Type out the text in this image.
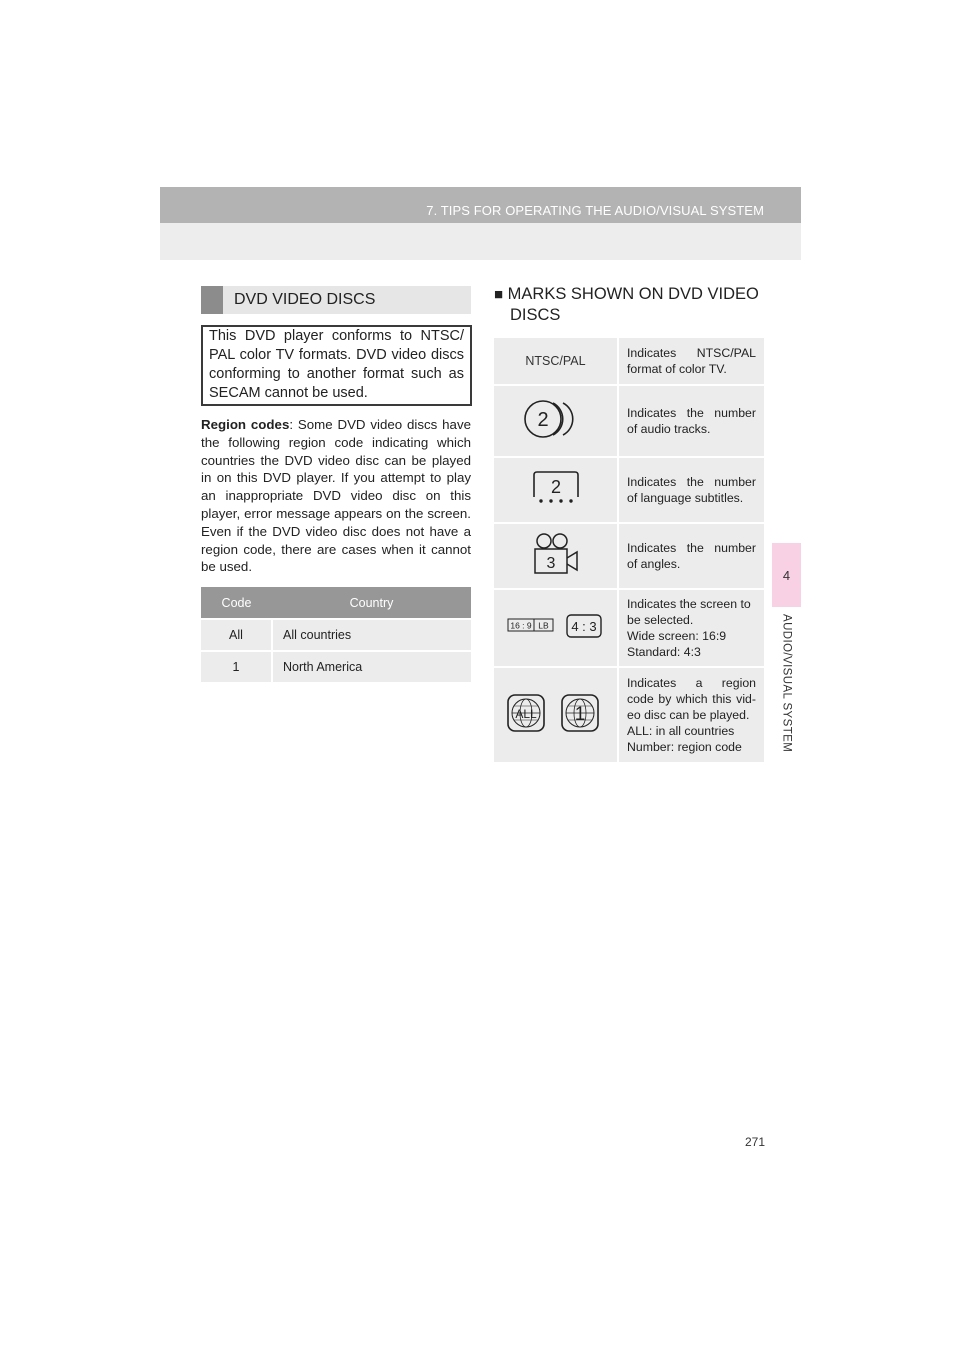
7. TIPS FOR OPERATING THE AUDIO/VISUAL SYSTEM
4
AUDIO/VISUAL SYSTEM
DVD VIDEO DISCS
This DVD player conforms to NTSC/ PAL color TV formats. DVD video discs conforming to another format such as SECAM cannot be used.
Region codes: Some DVD video discs have the following region code indicating which countries the DVD video disc can be played in on this DVD player. If you attempt to play an inappropriate DVD video disc on this player, error message appears on the screen. Even if the DVD video disc does not have a region code, there are cases when it cannot be used.
Code	Country
All	All countries
1	North America
■ MARKS SHOWN ON DVD VIDEO
DISCS
NTSC/PAL	Indicates NTSC/PAL
format of color TV.

2	Indicates the number
of audio tracks.

2	Indicates the number
of language subtitles.

3	Indicates the number
of angles.

16 : 9 LB 4 : 3	Indicates the screen to
be selected.
Wide screen: 16:9
Standard: 4:3

ALL 1	Indicates a region
code by which this vid-
eo disc can be played.
ALL: in all countries
Number: region code
271
